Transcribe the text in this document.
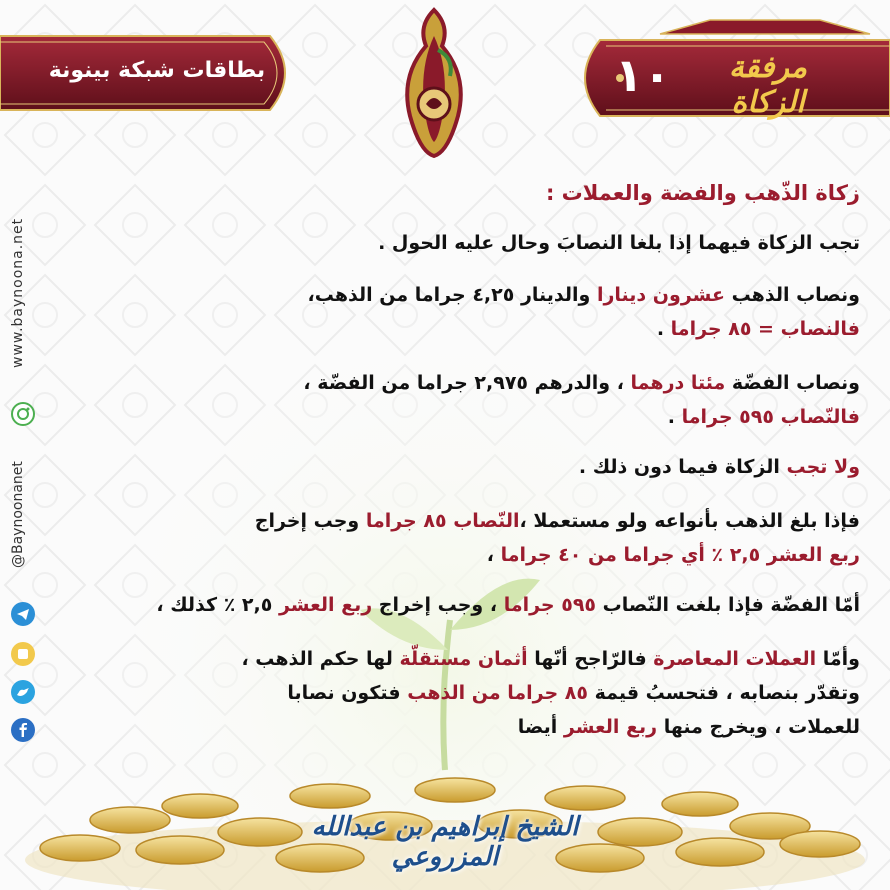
بطاقات شبكة بينونة	١٠	مرفقة الزكاة
www.baynoona.net
@Baynoonanet

زكاة الذّهب والفضة والعملات :

تجب الزكاة فيهما إذا بلغا النصابَ وحال عليه الحول .

ونصاب الذهب عشرون دينارا والدينار ٤,٢٥ جراما من الذهب،
فالنصاب = ٨٥ جراما .

ونصاب الفضّة مئتا درهما ، والدرهم ٢,٩٧٥ جراما من الفضّة ،
فالنّصاب ٥٩٥ جراما .

ولا تجب الزكاة فيما دون ذلك .

فإذا بلغ الذهب بأنواعه ولو مستعملا ،النّصاب ٨٥ جراما وجب إخراج
ربع العشر ٢,٥ ٪ أي جراما من ٤٠ جراما ،

أمّا الفضّة فإذا بلغت النّصاب ٥٩٥ جراما ، وجب إخراج ربع العشر ٢,٥ ٪ كذلك ،

وأمّا العملات المعاصرة فالرّاجح أنّها أثمان مستقلّة لها حكم الذهب ،
وتقدّر بنصابه ، فتحسبُ قيمة ٨٥ جراما من الذهب فتكون نصابا
للعملات ، ويخرج منها ربع العشر أيضا

الشيخ إبراهيم بن عبدالله المزروعي
